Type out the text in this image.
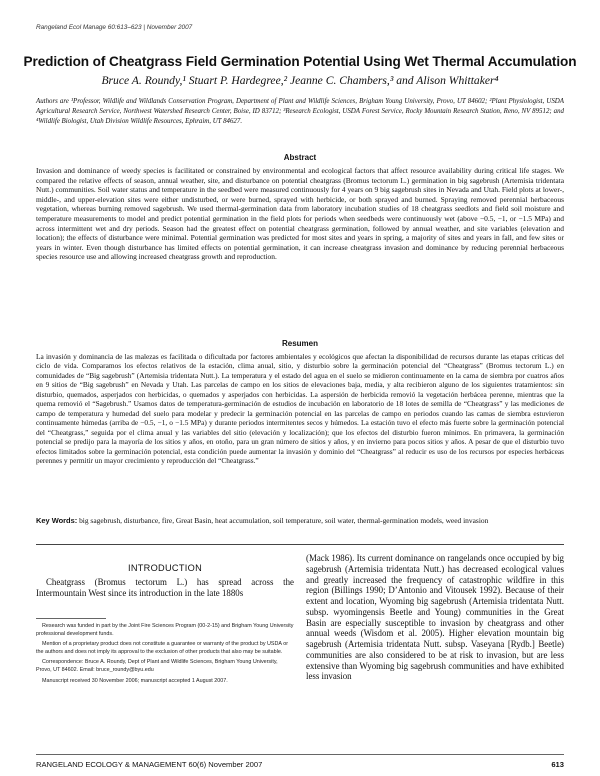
Rangeland Ecol Manage 60:613–623 | November 2007
Prediction of Cheatgrass Field Germination Potential Using Wet Thermal Accumulation
Bruce A. Roundy,¹ Stuart P. Hardegree,² Jeanne C. Chambers,³ and Alison Whittaker⁴
Authors are ¹Professor, Wildlife and Wildlands Conservation Program, Department of Plant and Wildlife Sciences, Brigham Young University, Provo, UT 84602; ²Plant Physiologist, USDA Agricultural Research Service, Northwest Watershed Research Center, Boise, ID 83712; ³Research Ecologist, USDA Forest Service, Rocky Mountain Research Station, Reno, NV 89512; and ⁴Wildlife Biologist, Utah Division Wildlife Resources, Ephraim, UT 84627.
Abstract
Invasion and dominance of weedy species is facilitated or constrained by environmental and ecological factors that affect resource availability during critical life stages. We compared the relative effects of season, annual weather, site, and disturbance on potential cheatgrass (Bromus tectorum L.) germination in big sagebrush (Artemisia tridentata Nutt.) communities. Soil water status and temperature in the seedbed were measured continuously for 4 years on 9 big sagebrush sites in Nevada and Utah. Field plots at lower-, middle-, and upper-elevation sites were either undisturbed, or were burned, sprayed with herbicide, or both sprayed and burned. Spraying removed perennial herbaceous vegetation, whereas burning removed sagebrush. We used thermal-germination data from laboratory incubation studies of 18 cheatgrass seedlots and field soil moisture and temperature measurements to model and predict potential germination in the field plots for periods when seedbeds were continuously wet (above −0.5, −1, or −1.5 MPa) and across intermittent wet and dry periods. Season had the greatest effect on potential cheatgrass germination, followed by annual weather, and site variables (elevation and location); the effects of disturbance were minimal. Potential germination was predicted for most sites and years in spring, a majority of sites and years in fall, and few sites or years in winter. Even though disturbance has limited effects on potential germination, it can increase cheatgrass invasion and dominance by reducing perennial herbaceous species resource use and allowing increased cheatgrass growth and reproduction.
Resumen
La invasión y dominancia de las malezas es facilitada o dificultada por factores ambientales y ecológicos que afectan la disponibilidad de recursos durante las etapas críticas del ciclo de vida. Comparamos los efectos relativos de la estación, clima anual, sitio, y disturbio sobre la germinación potencial del “Cheatgrass” (Bromus tectorum L.) en comunidades de “Big sagebrush” (Artemisia tridentata Nutt.). La temperatura y el estado del agua en el suelo se midieron continuamente en la cama de siembra por cuatros años en 9 sitios de “Big sagebrush” en Nevada y Utah. Las parcelas de campo en los sitios de elevaciones baja, media, y alta recibieron alguno de los siguientes tratamientos: sin disturbio, quemados, asperjados con herbicidas, o quemados y asperjados con herbicidas. La aspersión de herbicida removió la vegetación herbácea perenne, mientras que la quema removió el “Sagebrush.” Usamos datos de temperatura-germinación de estudios de incubación en laboratorio de 18 lotes de semilla de “Cheatgrass” y las mediciones de campo de temperatura y humedad del suelo para modelar y predecir la germinación potencial en las parcelas de campo en periodos cuando las camas de siembra estuvieron continuamente húmedas (arriba de −0.5, −1, o −1.5 MPa) y durante periodos intermitentes secos y húmedos. La estación tuvo el efecto más fuerte sobre la germinación potencial del “Cheatgrass,” seguida por el clima anual y las variables del sitio (elevación y localización); que los efectos del disturbio fueron mínimos. En primavera, la germinación potencial se predijo para la mayoría de los sitios y años, en otoño, para un gran número de sitios y años, y en invierno para pocos sitios y años. A pesar de que el disturbio tuvo efectos limitados sobre la germinación potencial, esta condición puede aumentar la invasión y dominio del “Cheatgrass” al reducir es uso de los recursos por especies herbáceas perennes y permitir un mayor crecimiento y reproducción del “Cheatgrass.”
Key Words: big sagebrush, disturbance, fire, Great Basin, heat accumulation, soil temperature, soil water, thermal-germination models, weed invasion
INTRODUCTION
Cheatgrass (Bromus tectorum L.) has spread across the Intermountain West since its introduction in the late 1880s

Research was funded in part by the Joint Fire Sciences Program (00-2-15) and Brigham Young University professional development funds.

Mention of a proprietary product does not constitute a guarantee or warranty of the product by USDA or the authors and does not imply its approval to the exclusion of other products that also may be suitable.

Correspondence: Bruce A. Roundy, Dept of Plant and Wildlife Sciences, Brigham Young University, Provo, UT 84602. Email: bruce_roundy@byu.edu

Manuscript received 30 November 2006; manuscript accepted 1 August 2007.

(Mack 1986). Its current dominance on rangelands once occupied by big sagebrush (Artemisia tridentata Nutt.) has decreased ecological values and greatly increased the frequency of catastrophic wildfire in this region (Billings 1990; D’Antonio and Vitousek 1992). Because of their extent and location, Wyoming big sagebrush (Artemisia tridentata Nutt. subsp. wyomingensis Beetle and Young) communities in the Great Basin are especially susceptible to invasion by cheatgrass and other annual weeds (Wisdom et al. 2005). Higher elevation mountain big sagebrush (Artemisia tridentata Nutt. subsp. Vaseyana [Rydb.] Beetle) communities are also considered to be at risk to invasion, but are less extensive than Wyoming big sagebrush communities and have exhibited less invasion
RANGELAND ECOLOGY & MANAGEMENT 60(6) November 2007	613
